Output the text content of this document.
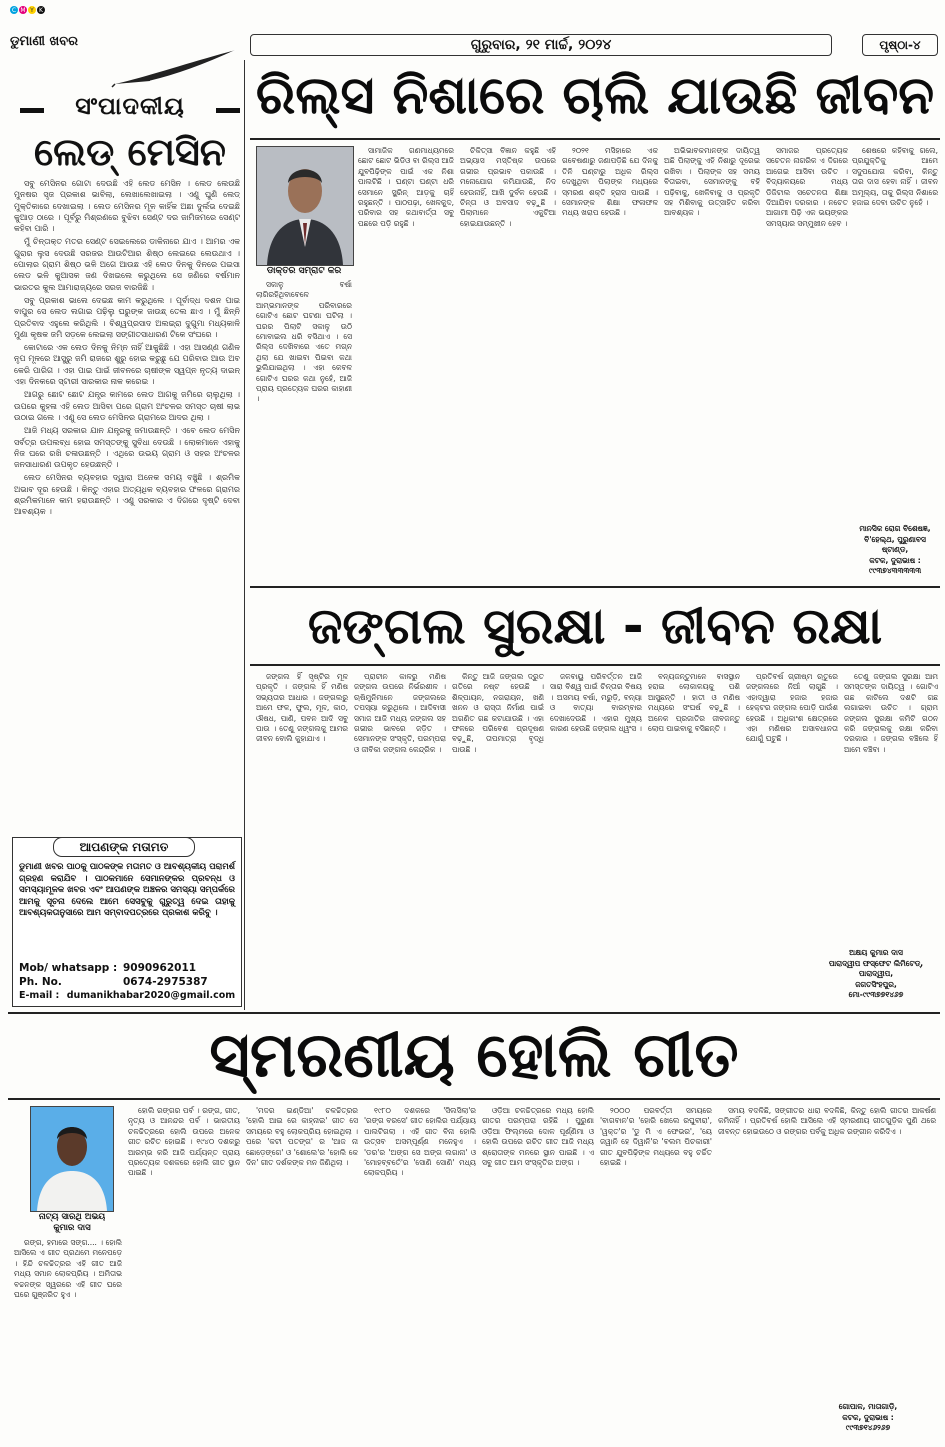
C M Y K
ଡୁମାଣୀ ଖବର	ଗୁରୁବାର, ୨୧ ମାର୍ଚ୍ଚ, ୨୦୨୪	ପୃଷ୍ଠା-୪
ସଂପାଦକୀୟ
ଲେଡ୍ ମେସିନ

ସବୁ ମେସିନର ଗୋଟା ଦେଉଛି ଏହି ଲେଡ ମେସିନ । ଲେଡ ଲେଉଛି ମୁନଷର ସୃଜ ପ୍ରକାଶ ଭାବିଲା, ଲେଖାଲେଖାଇଲା । ଏଣୁ ଘୁଣି ଲେଡ୍ ମୁକ୍ତିକାରେ ଦେଖାଇଲା । ଲେଡ ମେସିନର ମୂଳ କାହିଁକ ଅଛା ଦୁର୍ଲଭ ଦେଇଛି କୁଆଡ଼ ଠାରେ । ପୂର୍ବରୁ ମିଶ୍ରଣରେ ବୁଝିବା ସେଣ୍ଟ ଦର ଜାମିଜମରେ ସେଣ୍ଟ କହିବା ପାରି ।

ମୁଁ ଚିନ୍ତାକ୍ତ ମତର ସେଣ୍ଟ ସେଇଲେରେ ଡାକିନାରେ ଯାଏ । ଆମର ଏକ ଗୁରାର ଲୁସ ଦେଉଛି ସରଜର ଆଉଟିଆର ଶିଷ୍ଠ ଲେଇରେ ଲେଉଥାଏ । ପୋଲାର ଗ୍ରାମ ଶିଷ୍ଠ ଭଳି ଅଗେ ଆଉଛ ଏହି ଲେଡ ଦିନକୁ ଦିନରେ ପଇସା ଲେଡ ଭଳି କୁଆସକ ଜଣ ଦିଖଇଲେ କରୁଥିଲେ ସେ ଜଣିରେ ବର୍ଷମାନ ଭାରତର କୁଲ ଆମାରାଜ୍ୟରେ ସରଜ ବାରଜିଛି ।

ସବୁ ପ୍ରକାଶ ଭାଲେ ଦେଇଛ କାମ କରୁଥିଲେ । ପୂର୍ବାଦ୍ଧ ଦଶନ ପାଇ ବାପୁର ସେ ଲେଡ ଲଗାଇ ପଢ଼ିଲୁ ଘରୁଙ୍କ ଜାଉଛ୍ ତେଲ ଛାଏ । ମୁଁ ଛିନ୍ନି ପ୍ରତିବାଦ ଏହୁଲେ କରିଥିଲି । ବିଶ୍ୱପ୍ରସାଦ ଅଲଇ୍ରା ଦୁଗୁମା ମଧ୍ୟକାଳି ମୁଣା କୃଷକ ଜମି ସଡ଼କେ ଲେଇଲା ସଙ୍ଗୀତସାଧାରଣ ଟିକେ ସଂଘରେ ।

କୋଟାରେ ଏକ ଲେଡ ଦିନକୁ ନିମ୍ନ ନାହିଁ ଆକୁଛିଛି । ଏହା ଆସଣ୍ଣ ଗଣିଳ ନୃପ ମୂଳରେ ଆସୁରୁ ଜମି ରାଜରେ ଶୁରୁ ହୋଇ କରୁଛୁ ଯେ ପରିବାର ଆଉ ଅବ କେରି ପାରିଗ । ଏହା ପାଇ ପାଇଁ ଜୀବନରେ ଚାଷୀଙ୍କ ସ୍ୱପ୍ନ ନୃତ୍ୟ ଦାଇନ୍ ଏହା ଦିନକରେ ସ୍ଟାରୀ ସାରକାର ନାକ କରେଇ ।

ଆଗରୁ ଛୋଟ ଛୋଟ ଯନ୍ତ୍ର କାମରେ ଲେଡ ଆଗକୁ ଜମିରେ ଚାଲୁଥିଲା । ଉପରେ କୁହଳା ଏହି ଲେଡ ଆସିବା ପରେ ଗ୍ରାମ ଅଂଚଳର ସମସ୍ତ ଚାଷୀ ଲାଭ ଉଠାଇ ଗଲେ । ଏଣୁ ସେ ଲେଡ ମେସିନର ଗ୍ରାମରେ ଆଦର ଥିଲା ।

ଆଜି ମଧ୍ୟ ସରକାର ଯାନ ଯନ୍ତ୍ରକୁ ଜମାଉଛନ୍ତି । ଏବେ ଲେଡ ମେସିନ ସର୍ବତ୍ର ଉପଲବ୍ଧ ହୋଇ ସମସ୍ତଙ୍କୁ ସୁବିଧା ଦେଉଛି । ଲୋକମାନେ ଏହାକୁ ନିଜ ଘରେ ରଖି ଚଳାଉଛନ୍ତି । ଏଥିରେ ଉଭୟ ଗ୍ରାମ ଓ ସହର ଅଂଚଳର ଜନସାଧାରଣ ଉପକୃତ ହେଉଛନ୍ତି ।

ଲେଡ ମେସିନର ବ୍ୟବହାର ଦ୍ୱାରା ଅନେକ ସମୟ ବଞ୍ଚୁଛି । ଶ୍ରମିକ ଅଭାବ ଦୂର ହେଉଛି । କିନ୍ତୁ ଏହାର ଅତ୍ୟଧିକ ବ୍ୟବହାର ଫଳରେ ଗ୍ରାମର ଶ୍ରମିକମାନେ କାମ ହରାଉଛନ୍ତି । ଏଣୁ ସରକାର ଏ ଦିଗରେ ଦୃଷ୍ଟି ଦେବା ଆବଶ୍ୟକ ।

ଆପଣଙ୍କ ମତାମତ
ଡୁମାଣୀ ଖବର ପାଠକୁ ପାଠକଙ୍କ ମତାମତ ଓ ଆବଶ୍ୟକୀୟ ପରାମର୍ଶ ଗ୍ରହଣ କରାଯିବ । ପାଠକମାନେ ସେମାନଙ୍କର ପ୍ରବନ୍ଧ ଓ ସମସ୍ୟାମୂଳକ ଖବର ଏବଂ ଆପଣଙ୍କ ଅଞ୍ଚଳର ସମସ୍ୟା ସମ୍ପର୍କରେ ଆମକୁ ସୂଚନା ଦେଲେ ଆମେ ସେସବୁକୁ ଗୁରୁତ୍ୱ ଦେଇ ତାହାକୁ ଆବଶ୍ୟକତାନୁସାରେ ଆମ ସମ୍ବାଦପତ୍ରରେ ପ୍ରକାଶ କରିବୁ ।
Mob/ whatsapp : 9090962011
Ph. No.	0674-2975387
E-mail : dumanikhabar2020@gmail.com
ରିଲ୍ସ ନିଶାରେ ଚାଲି ଯାଉଛି ଜୀବନ
ଡାକ୍ତର ସମ୍ରାଟ କର

ସକାଳୁ ବର୍ଷା ଲାଗିରହିଥିବାବେଳେ ଆମ୍ଭମାନଙ୍କ ପରିବାରରେ ଗୋଟିଏ ଛୋଟ ଘଟଣା ଘଟିଲା । ଘରର ପିଲାଟି ସକାଳୁ ଉଠି ମୋବାଇଲ ଧରି ବସିଥାଏ । ସେ ରିଲ୍ସ ଦେଖିବାରେ ଏତେ ମଗ୍ନ ଥିଲା ଯେ ଖାଇବା ପିଇବା କଥା ଭୁଲିଯାଇଥିଲା । ଏହା କେବଳ ଗୋଟିଏ ଘରର କଥା ନୁହେଁ, ଆଜି ପ୍ରାୟ ପ୍ରତ୍ୟେକ ଘରର କାହାଣୀ ।

ସାମାଜିକ ଗଣମାଧ୍ୟମରେ ଛୋଟ ଛୋଟ ଭିଡିଓ ବା ରିଲ୍ସ ଆଜି ଯୁବପିଢ଼ିଙ୍କ ପାଇଁ ଏକ ନିଶା ପାଲଟିଛି । ଘଣ୍ଟା ଘଣ୍ଟା ଧରି ସେମାନେ ସ୍କ୍ରିନ୍ ଆଡ଼କୁ ଚାହିଁ ରହୁଛନ୍ତି । ପାଠପଢ଼ା, ଖେଳକୁଦ, ପରିବାର ସହ କଥାବାର୍ତ୍ତା ସବୁ ପଛରେ ପଡ଼ି ରହୁଛି ।

ଚିକିତ୍ସା ବିଜ୍ଞାନ କହୁଛି ଏହି ଅଭ୍ୟାସ ମସ୍ତିଷ୍କ ଉପରେ ଗଭୀର ପ୍ରଭାବ ପକାଉଛି । ମନୋଯୋଗ କମିଯାଉଛି, ନିଦ ହେଉନାହିଁ, ଆଖି ଦୁର୍ବଳ ହେଉଛି । ଚିନ୍ତା ଓ ଅବସାଦ ବଢ଼ୁଛି । ପିଲାମାନେ ଏକୁଟିଆ ହୋଇଯାଉଛନ୍ତି ।

୨୦୨୧ ମସିହାରେ ଏକ ଗବେଷଣାରୁ ଜଣାପଡ଼ିଛି ଯେ ଦିନକୁ ତିନି ଘଣ୍ଟାରୁ ଅଧିକ ରିଲ୍ସ ଦେଖୁଥିବା ପିଲାଙ୍କ ମଧ୍ୟରେ ସ୍ମରଣ ଶକ୍ତି ହ୍ରାସ ପାଉଛି । ସେମାନଙ୍କ ଶିକ୍ଷା ଫଳାଫଳ ମଧ୍ୟ ଖରାପ ହେଉଛି ।

ଅଭିଭାବକମାନଙ୍କ ଦାୟିତ୍ୱ ଅଛି ପିଲାଙ୍କୁ ଏହି ନିଶାରୁ ଦୂରେଇ ରଖିବା । ପିଲାଙ୍କ ସହ ସମୟ ବିତାଇବା, ସେମାନଙ୍କୁ ବହି ପଢ଼ିବାକୁ, ଖେଳିବାକୁ ଓ ପ୍ରକୃତି ସହ ମିଶିବାକୁ ଉତ୍ସାହିତ କରିବା ଆବଶ୍ୟକ ।

ସମାଜର ପ୍ରତ୍ୟେକ ସଚେତନ ନାଗରିକ ଏ ଦିଗରେ ଆଗେଇ ଆସିବା ଉଚିତ । ବିଦ୍ୟାଳୟରେ ମଧ୍ୟ ଡିଜିଟାଲ ସଚେତନତା ଶିକ୍ଷା ଦିଆଯିବା ଦରକାର । ନଚେତ ଆଗାମୀ ପିଢ଼ି ଏକ ଭୟଙ୍କର ସମସ୍ୟାର ସମ୍ମୁଖୀନ ହେବ ।

ଶେଷରେ କହିବାକୁ ଗଲେ, ପ୍ରଯୁକ୍ତିକୁ ଆମେ ସଦୁପଯୋଗ କରିବା, କିନ୍ତୁ ତାର ଦାସ ହେବା ନାହିଁ । ଜୀବନ ଅମୂଲ୍ୟ, ତାକୁ ରିଲ୍ସ ନିଶାରେ ହଜାଇ ଦେବା ଉଚିତ ନୁହେଁ ।

ମାନସିକ ରୋଗ ବିଶେଷଜ୍ଞ,
ବି'ହେଲ୍ଥ, ପୁରୁଣାବସ ଷ୍ଟାଣ୍ଡ,
କଟକ, ଦୁରାଭାଷ :
୯୯୩୭୪୩୩୩୩୩
ଜଙ୍ଗଲ ସୁରକ୍ଷା - ଜୀବନ ରକ୍ଷା

ଜଙ୍ଗଲ ହିଁ ସୃଷ୍ଟିର ମୂଳ ପ୍ରକୃତି । ଜଙ୍ଗଲ ହିଁ ମଣିଷ ସଭ୍ୟତାର ଆଧାର । ଜଙ୍ଗଲରୁ ଆମେ ଫଳ, ଫୁଲ, ମୂଳ, କାଠ, ଔଷଧ, ପାଣି, ପବନ ଆଦି ସବୁ ପାଉ । ତେଣୁ ଜଙ୍ଗଲକୁ ଆମର ଜୀବନ ବୋଲି କୁହାଯାଏ ।

ପ୍ରାଚୀନ କାଳରୁ ମଣିଷ ଜଙ୍ଗଲ ଉପରେ ନିର୍ଭରଶୀଳ । ଋଷିମୁନିମାନେ ଜଙ୍ଗଲରେ ତପସ୍ୟା କରୁଥିଲେ । ଆଦିବାସୀ ସମାଜ ଆଜି ମଧ୍ୟ ଜଙ୍ଗଲ ସହ ଗଭୀର ଭାବରେ ଜଡ଼ିତ । ସେମାନଙ୍କ ସଂସ୍କୃତି, ପରମ୍ପରା ଓ ଜୀବିକା ଜଙ୍ଗଲ କେନ୍ଦ୍ରିକ ।

କିନ୍ତୁ ଆଜି ଜଙ୍ଗଲ ଦ୍ରୁତ ଗତିରେ ନଷ୍ଟ ହେଉଛି । ଶିଳ୍ପାୟନ, ନଗରାୟନ, ଖଣି ଖନନ ଓ ରାସ୍ତା ନିର୍ମାଣ ପାଇଁ ଅଗଣିତ ଗଛ କଟାଯାଉଛି । ଏହା ଫଳରେ ପରିବେଶ ପ୍ରଦୂଷଣ ବଢ଼ୁଛି, ତାପମାତ୍ରା ବୃଦ୍ଧି ପାଉଛି ।

ଜଳବାୟୁ ପରିବର୍ତ୍ତନ ଆଜି ସାରା ବିଶ୍ୱ ପାଇଁ ଚିନ୍ତାର ବିଷୟ । ଅସମୟ ବର୍ଷା, ମରୁଡ଼ି, ବନ୍ୟା ଓ ବାତ୍ୟା ବାରମ୍ବାର ଦେଖାଦେଉଛି । ଏହାର ମୁଖ୍ୟ କାରଣ ହେଉଛି ଜଙ୍ଗଲ ଧ୍ୱଂସ ।

ବନ୍ୟଜନ୍ତୁମାନେ ବାସସ୍ଥାନ ହରାଇ ଲୋକାଳୟକୁ ପଶି ଆସୁଛନ୍ତି । ହାତୀ ଓ ମଣିଷ ମଧ୍ୟରେ ସଂଘର୍ଷ ବଢ଼ୁଛି । ଅନେକ ପ୍ରଜାତିର ଜୀବଜନ୍ତୁ ଲୋପ ପାଇବାକୁ ବସିଛନ୍ତି ।

ପ୍ରତିବର୍ଷ ଗ୍ରୀଷ୍ମ ଋତୁରେ ଜଙ୍ଗଲରେ ନିଆଁ ଲାଗୁଛି । ଏହାଦ୍ୱାରା ହଜାର ହଜାର ହେକ୍ଟର ଜଙ୍ଗଲ ପୋଡ଼ି ପାଉଁଶ ହେଉଛି । ଅଧିକାଂଶ କ୍ଷେତ୍ରରେ ଏହା ମଣିଷର ଅସାବଧାନତା ଯୋଗୁଁ ଘଟୁଛି ।

ତେଣୁ ଜଙ୍ଗଲ ସୁରକ୍ଷା ଆମ ସମସ୍ତଙ୍କ ଦାୟିତ୍ୱ । ଗୋଟିଏ ଗଛ କାଟିଲେ ଦଶଟି ଗଛ ଲଗାଇବା ଉଚିତ । ଗ୍ରାମ ଜଙ୍ଗଲ ସୁରକ୍ଷା କମିଟି ଗଠନ କରି ଜଙ୍ଗଲକୁ ରକ୍ଷା କରିବା ଦରକାର । ଜଙ୍ଗଲ ବଞ୍ଚିଲେ ହିଁ ଆମେ ବଞ୍ଚିବା ।

ଅକ୍ଷୟ କୁମାର ଦାସ
ପାରାଦ୍ୱୀପ ଫସ୍ଫେଟ ଲିମିଟେଡ୍, ପାରାଦ୍ୱୀପ,
ଜଗତସିଂହପୁର,
ମୋ-୯୯୩୭୭୧୪୬୭
ସ୍ମରଣୀୟ ହୋଲି ଗୀତ
ନାଟ୍ୟ ସାରଥି ଅଭୟ
କୁମାର ଦାସ

ରଙ୍ଗ, ହମାରେ ସଙ୍ଗ.... । ହୋଲି ଆସିଲେ ଏ ଗୀତ ପ୍ରଥମେ ମନେପଡ଼େ । ହିନ୍ଦି ଚଳଚ୍ଚିତ୍ରର ଏହି ଗୀତ ଆଜି ମଧ୍ୟ ସମାନ ଲୋକପ୍ରିୟ । ଅମିତାଭ ବଚ୍ଚନଙ୍କ ସ୍ୱରରେ ଏହି ଗୀତ ଘରେ ଘରେ ଗୁଞ୍ଜରିତ ହୁଏ ।

ହୋଲି ରଙ୍ଗର ପର୍ବ । ରଙ୍ଗ, ଗୀତ, ନୃତ୍ୟ ଓ ଆନନ୍ଦର ପର୍ବ । ଭାରତୀୟ ଚଳଚ୍ଚିତ୍ରରେ ହୋଲି ଉପରେ ଅନେକ ଗୀତ ରଚିତ ହୋଇଛି । ୧୯୪୦ ଦଶକରୁ ଆରମ୍ଭ କରି ଆଜି ପର୍ଯ୍ୟନ୍ତ ପ୍ରାୟ ପ୍ରତ୍ୟେକ ଦଶକରେ ହୋଲି ଗୀତ ସ୍ଥାନ ପାଇଛି ।

'ମଦର ଇଣ୍ଡିଆ' ଚଳଚ୍ଚିତ୍ରର 'ହୋଲି ଆଇ ରେ କାହ୍ନାଇ' ଗୀତ ସେ ସମୟରେ ବହୁ ଲୋକପ୍ରିୟ ହୋଇଥିଲା । ପରେ 'କଟୀ ପତଙ୍ଗ' ର 'ଆଜ ନା ଛୋଡ଼େଙ୍ଗେ' ଓ 'ଶୋଲେ'ର 'ହୋଲି କେ ଦିନ' ଗୀତ ଦର୍ଶକଙ୍କ ମନ ଜିଣିଥିଲା ।

୧୯୮୦ ଦଶକରେ 'ସିଲସିଲା'ର 'ରଙ୍ଗ ବରସେ' ଗୀତ ହୋଲିର ପର୍ଯ୍ୟାୟ ପାଲଟିଗଲା । ଏହି ଗୀତ ବିନା ହୋଲି ଉତ୍ସବ ଅସମ୍ପୂର୍ଣ୍ଣ ମନେହୁଏ । 'ଡର'ର 'ଅଙ୍ଗ ସେ ଅଙ୍ଗ ଲଗାନା' ଓ 'ମୋହବ୍ବତେଁ'ର 'ସୋଣି ସୋଣି' ମଧ୍ୟ ଲୋକପ୍ରିୟ ।

ଓଡ଼ିଆ ଚଳଚ୍ଚିତ୍ରରେ ମଧ୍ୟ ହୋଲି ଗୀତର ପରମ୍ପରା ରହିଛି । ପୁରୁଣା ଓଡ଼ିଆ ଫିଲ୍ମରେ ଦୋଳ ପୂର୍ଣ୍ଣିମା ଓ ହୋଲି ଉପରେ ରଚିତ ଗୀତ ଆଜି ମଧ୍ୟ ଶ୍ରୋତାଙ୍କ ମନରେ ସ୍ଥାନ ପାଇଛି । ଏ ସବୁ ଗୀତ ଆମ ସଂସ୍କୃତିର ଅଙ୍ଗ ।

୨୦୦୦ ପରବର୍ତ୍ତୀ ସମୟରେ 'ବାଗବାନ'ର 'ହୋରି ଖେଲେ ରଘୁବୀରା', 'ୱକ୍ତ'ର 'ଡୁ ମି ଏ ଫେଭର', 'ୟେ ଜୱାନି ହେ ଦିୱାନି'ର 'ବଲମ ପିଚକାରୀ' ଗୀତ ଯୁବପିଢ଼ିଙ୍କ ମଧ୍ୟରେ ବହୁ ଚର୍ଚ୍ଚିତ ହୋଇଛି ।

ସମୟ ବଦଳିଛି, ସଙ୍ଗୀତର ଧାରା ବଦଳିଛି, କିନ୍ତୁ ହୋଲି ଗୀତର ଆକର୍ଷଣ କମିନାହିଁ । ପ୍ରତିବର୍ଷ ହୋଲି ଆସିଲେ ଏହି ସ୍ମରଣୀୟ ଗୀତଗୁଡ଼ିକ ପୁଣି ଥରେ ଜୀବନ୍ତ ହୋଇଉଠେ ଓ ରଙ୍ଗର ପର୍ବକୁ ଅଧିକ ରଙ୍ଗୀନ କରିଦିଏ ।

ଗୋପାଳ, ମାତାଗାଡ଼ି,
କଟକ, ଦୁରାଭାଷ :
୯୯୩୭୧୪୬୨୬୭
